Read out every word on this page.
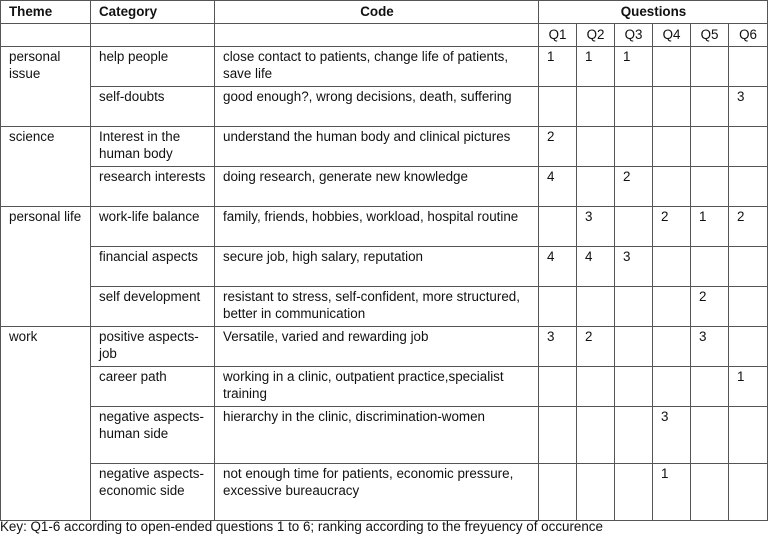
Theme	Category	Code	Questions					
			Q1	Q2	Q3	Q4	Q5	Q6
personal issue	help people	close contact to patients, change life of patients, save life	1	1	1			
	self-doubts	good enough?, wrong decisions, death, suffering						3
science	Interest in the human body	understand the human body and clinical pictures	2					
	research interests	doing research, generate new knowledge	4		2			
personal life	work-life balance	family, friends, hobbies, workload, hospital routine		3		2	1	2
	financial aspects	secure job, high salary, reputation	4	4	3			
	self development	resistant to stress, self-confident, more structured, better in communication					2	
work	positive aspects- job	Versatile, varied and rewarding job	3	2			3	
	career path	working in a clinic, outpatient practice,specialist training						1
	negative aspects-human side	hierarchy in the clinic, discrimination-women				3		
	negative aspects-economic side	not enough time for patients, economic pressure, excessive bureaucracy				1		
Key: Q1-6 according to open-ended questions 1 to 6; ranking according to the freyuency of occurence
